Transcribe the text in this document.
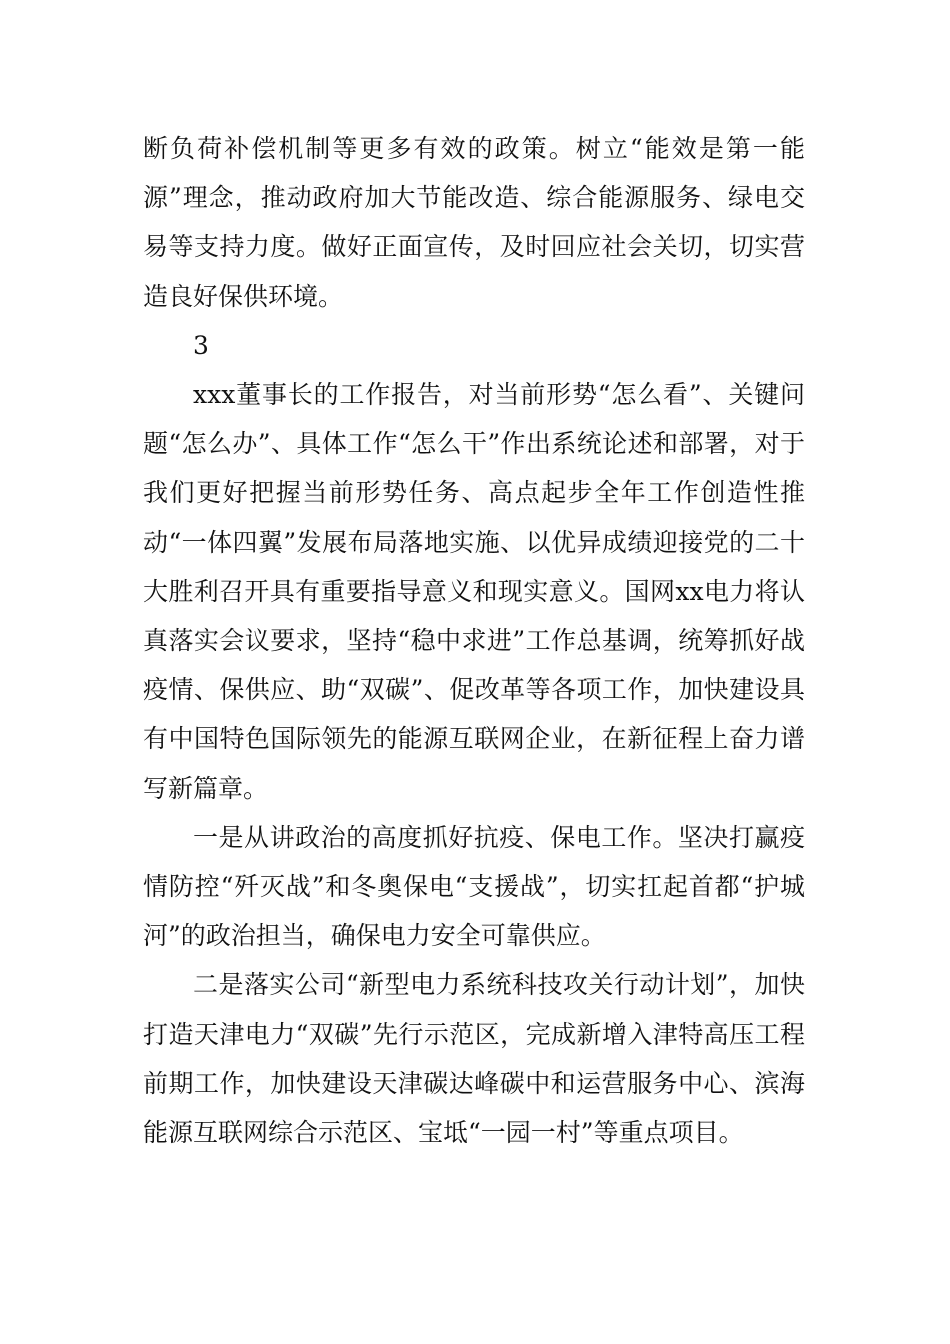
断负荷补偿机制等更多有效的政策。树立“能效是第一能源”理念，推动政府加大节能改造、综合能源服务、绿电交易等支持力度。做好正面宣传，及时回应社会关切，切实营造良好保供环境。

3

xxx董事长的工作报告，对当前形势“怎么看”、关键问题“怎么办”、具体工作“怎么干”作出系统论述和部署，对于我们更好把握当前形势任务、高点起步全年工作创造性推动“一体四翼”发展布局落地实施、以优异成绩迎接党的二十大胜利召开具有重要指导意义和现实意义。国网xx电力将认真落实会议要求，坚持“稳中求进”工作总基调，统筹抓好战疫情、保供应、助“双碳”、促改革等各项工作，加快建设具有中国特色国际领先的能源互联网企业，在新征程上奋力谱写新篇章。

一是从讲政治的高度抓好抗疫、保电工作。坚决打赢疫情防控“歼灭战”和冬奥保电“支援战”，切实扛起首都“护城河”的政治担当，确保电力安全可靠供应。

二是落实公司“新型电力系统科技攻关行动计划”，加快打造天津电力“双碳”先行示范区，完成新增入津特高压工程前期工作，加快建设天津碳达峰碳中和运营服务中心、滨海能源互联网综合示范区、宝坻“一园一村”等重点项目。
